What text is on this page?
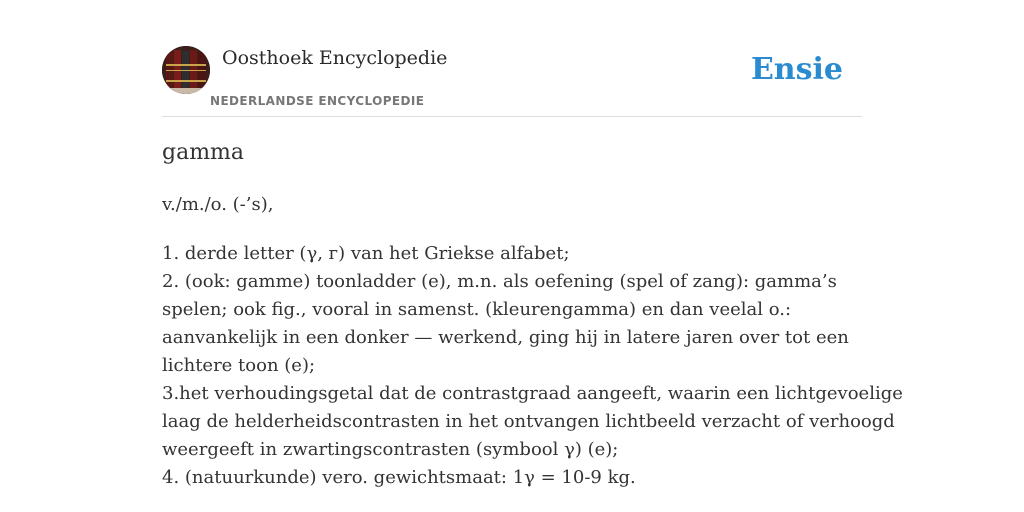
Oosthoek Encyclopedie
NEDERLANDSE ENCYCLOPEDIE
Ensie
gamma

v./m./o. (-’s),

1. derde letter (γ, г) van het Griekse alfabet;
2. (ook: gamme) toonladder (e), m.n. als oefening (spel of zang): gamma’s
spelen; ook fig., vooral in samenst. (kleurengamma) en dan veelal o.:
aanvankelijk in een donker — werkend, ging hij in latere jaren over tot een
lichtere toon (e);
3.het verhoudingsgetal dat de contrastgraad aangeeft, waarin een lichtgevoelige
laag de helderheidscontrasten in het ontvangen lichtbeeld verzacht of verhoogd
weergeeft in zwartingscontrasten (symbool γ) (e);
4. (natuurkunde) vero. gewichtsmaat: 1γ = 10-9 kg.
